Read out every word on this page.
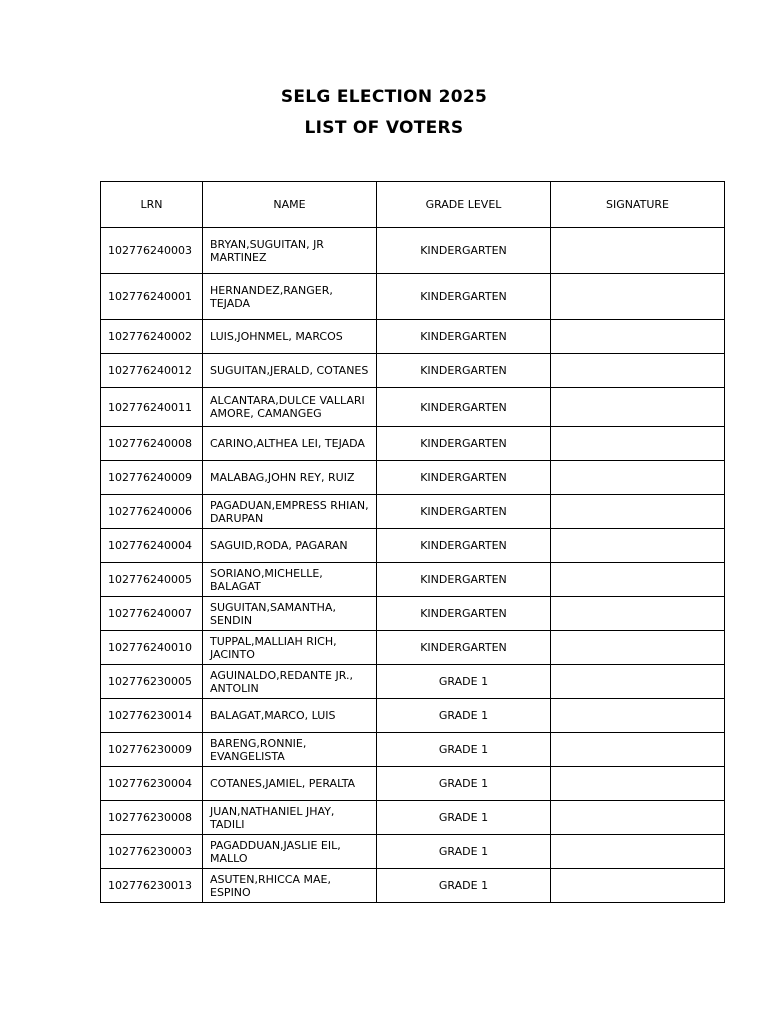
SELG ELECTION 2025
LIST OF VOTERS
LRN	NAME	GRADE LEVEL	SIGNATURE
102776240003	BRYAN,SUGUITAN, JR MARTINEZ	KINDERGARTEN	
102776240001	HERNANDEZ,RANGER, TEJADA	KINDERGARTEN	
102776240002	LUIS,JOHNMEL, MARCOS	KINDERGARTEN	
102776240012	SUGUITAN,JERALD, COTANES	KINDERGARTEN	
102776240011	ALCANTARA,DULCE VALLARI AMORE, CAMANGEG	KINDERGARTEN	
102776240008	CARINO,ALTHEA LEI, TEJADA	KINDERGARTEN	
102776240009	MALABAG,JOHN REY, RUIZ	KINDERGARTEN	
102776240006	PAGADUAN,EMPRESS RHIAN, DARUPAN	KINDERGARTEN	
102776240004	SAGUID,RODA, PAGARAN	KINDERGARTEN	
102776240005	SORIANO,MICHELLE, BALAGAT	KINDERGARTEN	
102776240007	SUGUITAN,SAMANTHA, SENDIN	KINDERGARTEN	
102776240010	TUPPAL,MALLIAH RICH, JACINTO	KINDERGARTEN	
102776230005	AGUINALDO,REDANTE JR., ANTOLIN	GRADE 1	
102776230014	BALAGAT,MARCO, LUIS	GRADE 1	
102776230009	BARENG,RONNIE, EVANGELISTA	GRADE 1	
102776230004	COTANES,JAMIEL, PERALTA	GRADE 1	
102776230008	JUAN,NATHANIEL JHAY, TADILI	GRADE 1	
102776230003	PAGADDUAN,JASLIE EIL, MALLO	GRADE 1	
102776230013	ASUTEN,RHICCA MAE, ESPINO	GRADE 1	
